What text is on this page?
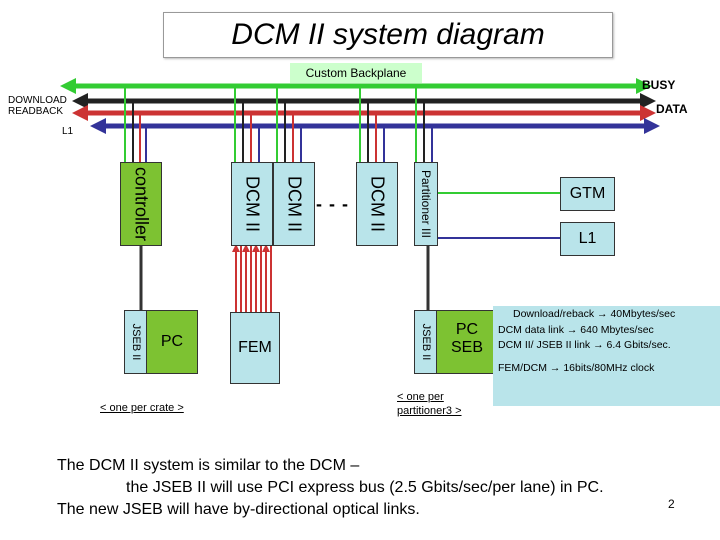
DCM II system diagram
Custom Backplane
BUSY
DOWNLOAD
READBACK	DATA
L1
controller	DCM II DCM II - - - DCM II	Partitioner III	GTM
L1
JSEB II	PC	FEM	JSEB II	PC
SEB
Download/reback → 40Mbytes/sec
DCM data link → 640 Mbytes/sec
DCM II/ JSEB II link → 6.4 Gbits/sec.
FEM/DCM → 16bits/80MHz clock
< one per crate >
< one per
partitioner3 >
The DCM II system is similar to the DCM –
the JSEB II will use PCI express bus (2.5 Gbits/sec/per lane) in PC.
The new JSEB will have by-directional optical links.	2
